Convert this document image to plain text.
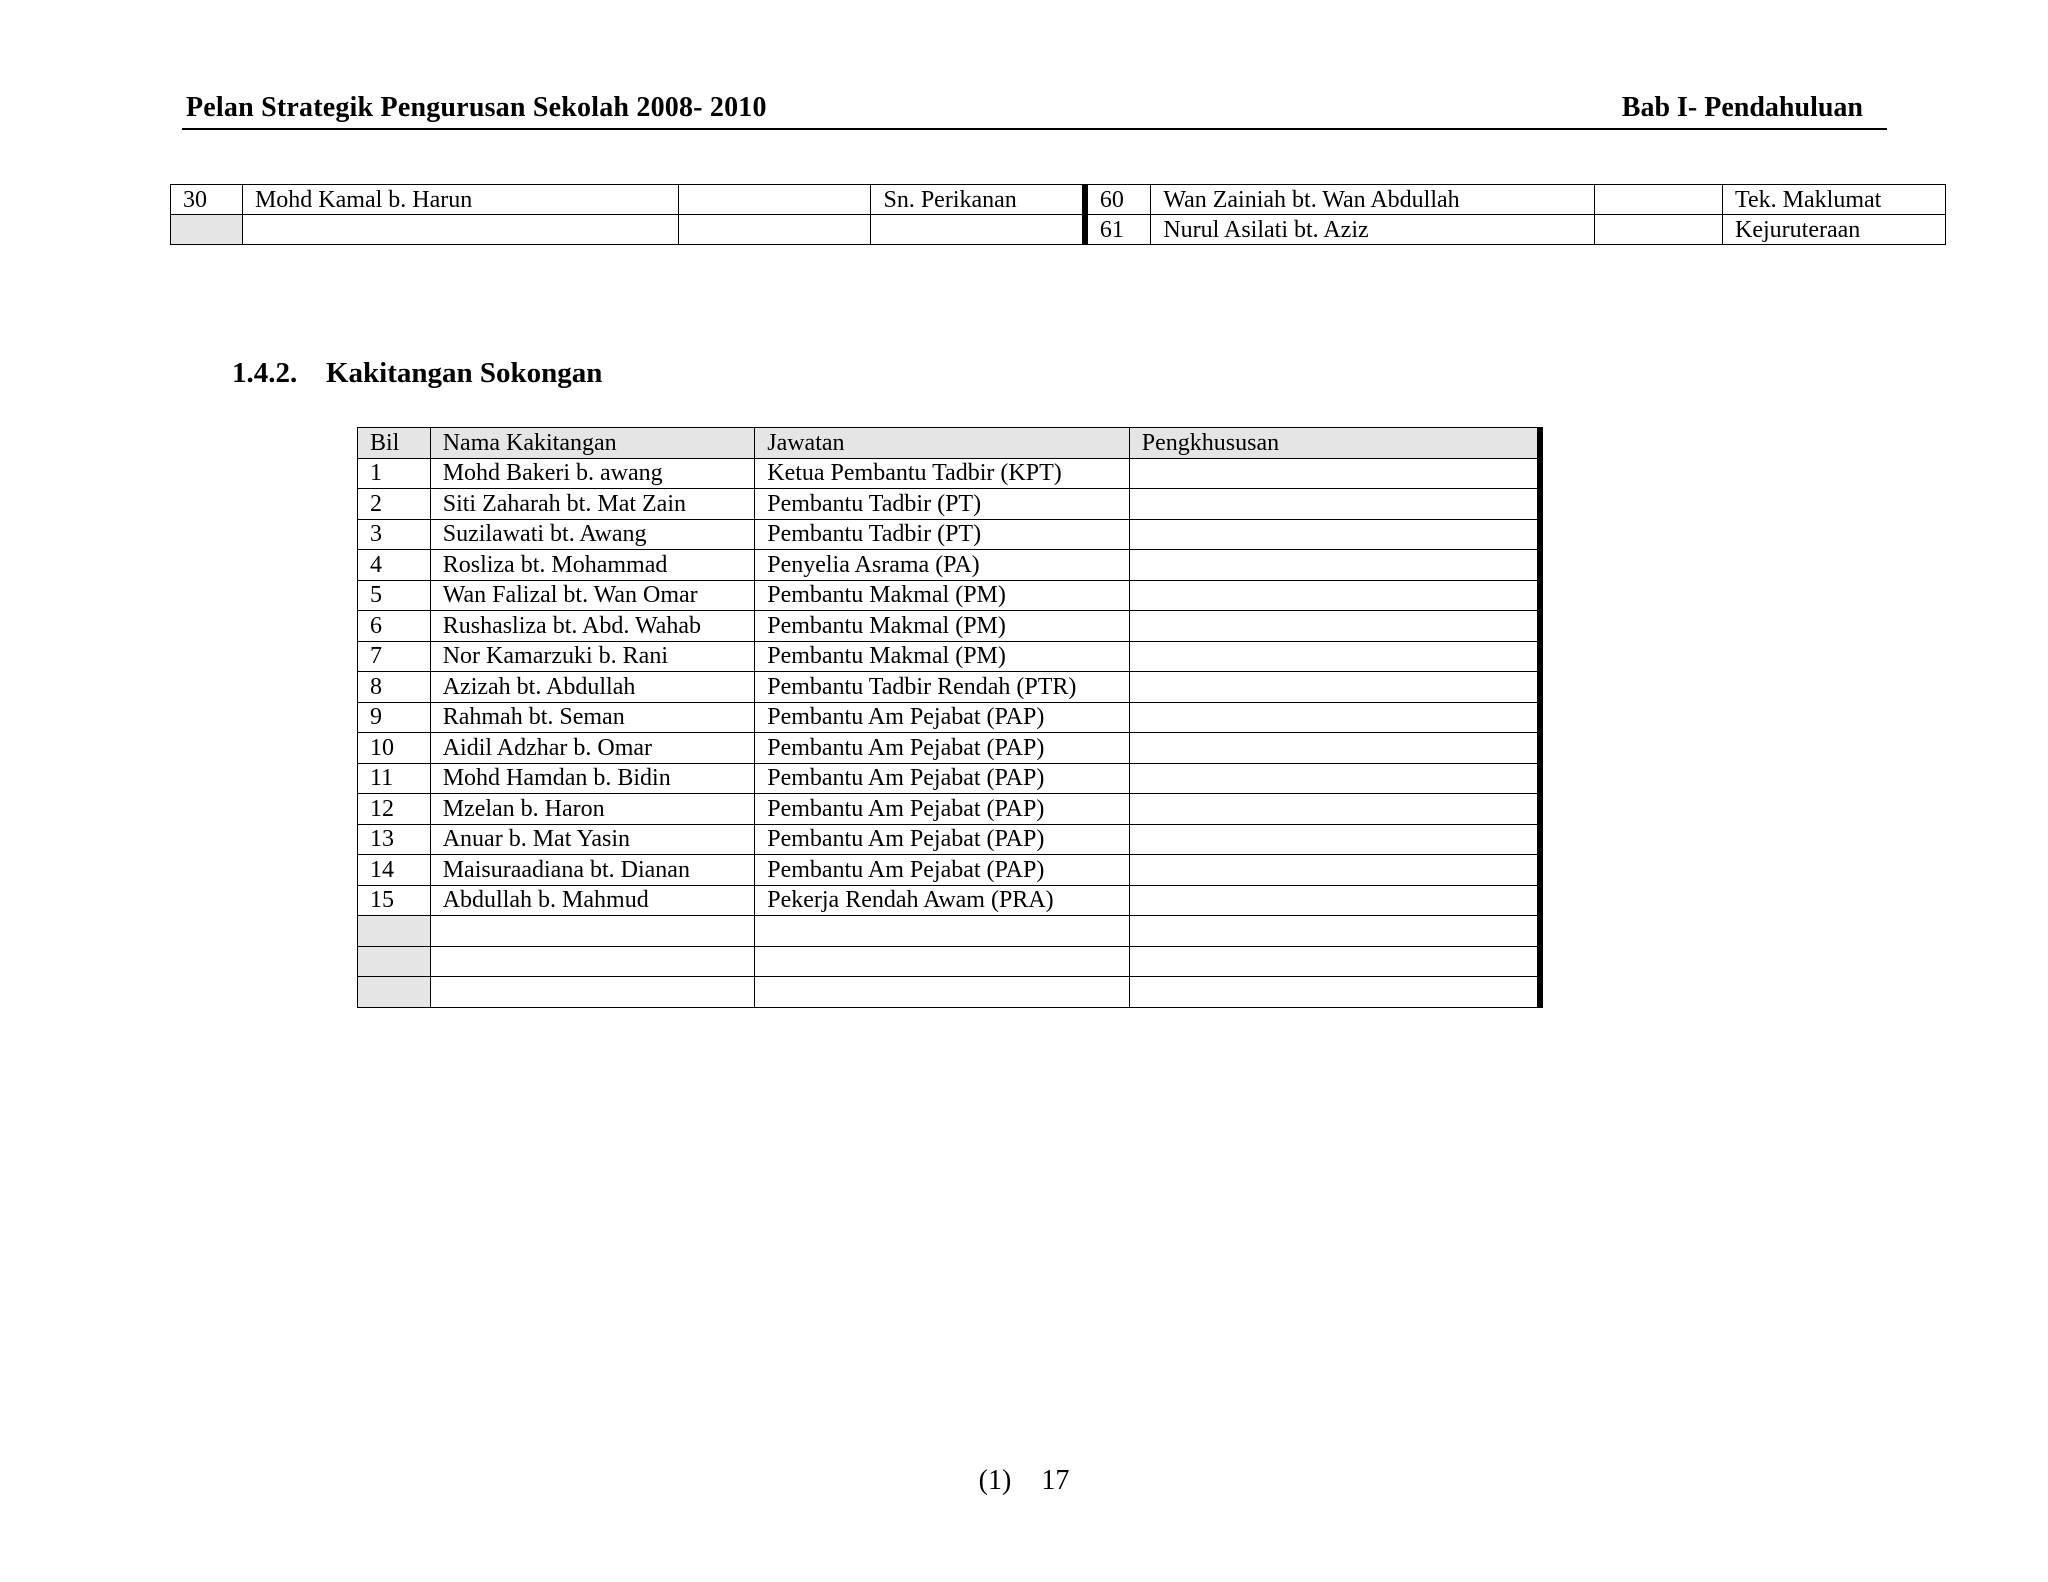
Pelan Strategik Pengurusan Sekolah 2008- 2010	Bab I- Pendahuluan
30	Mohd Kamal b. Harun		Sn. Perikanan	60	Wan Zainiah bt. Wan Abdullah		Tek. Maklumat
				61	Nurul Asilati bt. Aziz		Kejuruteraan
1.4.2. Kakitangan Sokongan
Bil	Nama Kakitangan	Jawatan	Pengkhususan
1	Mohd Bakeri b. awang	Ketua Pembantu Tadbir (KPT)	
2	Siti Zaharah bt. Mat Zain	Pembantu Tadbir (PT)	
3	Suzilawati bt. Awang	Pembantu Tadbir (PT)	
4	Rosliza bt. Mohammad	Penyelia Asrama (PA)	
5	Wan Falizal bt. Wan Omar	Pembantu Makmal (PM)	
6	Rushasliza bt. Abd. Wahab	Pembantu Makmal (PM)	
7	Nor Kamarzuki b. Rani	Pembantu Makmal (PM)	
8	Azizah bt. Abdullah	Pembantu Tadbir Rendah (PTR)	
9	Rahmah bt. Seman	Pembantu Am Pejabat (PAP)	
10	Aidil Adzhar b. Omar	Pembantu Am Pejabat (PAP)	
11	Mohd Hamdan b. Bidin	Pembantu Am Pejabat (PAP)	
12	Mzelan b. Haron	Pembantu Am Pejabat (PAP)	
13	Anuar b. Mat Yasin	Pembantu Am Pejabat (PAP)	
14	Maisuraadiana bt. Dianan	Pembantu Am Pejabat (PAP)	
15	Abdullah b. Mahmud	Pekerja Rendah Awam (PRA)	

(1) 17
